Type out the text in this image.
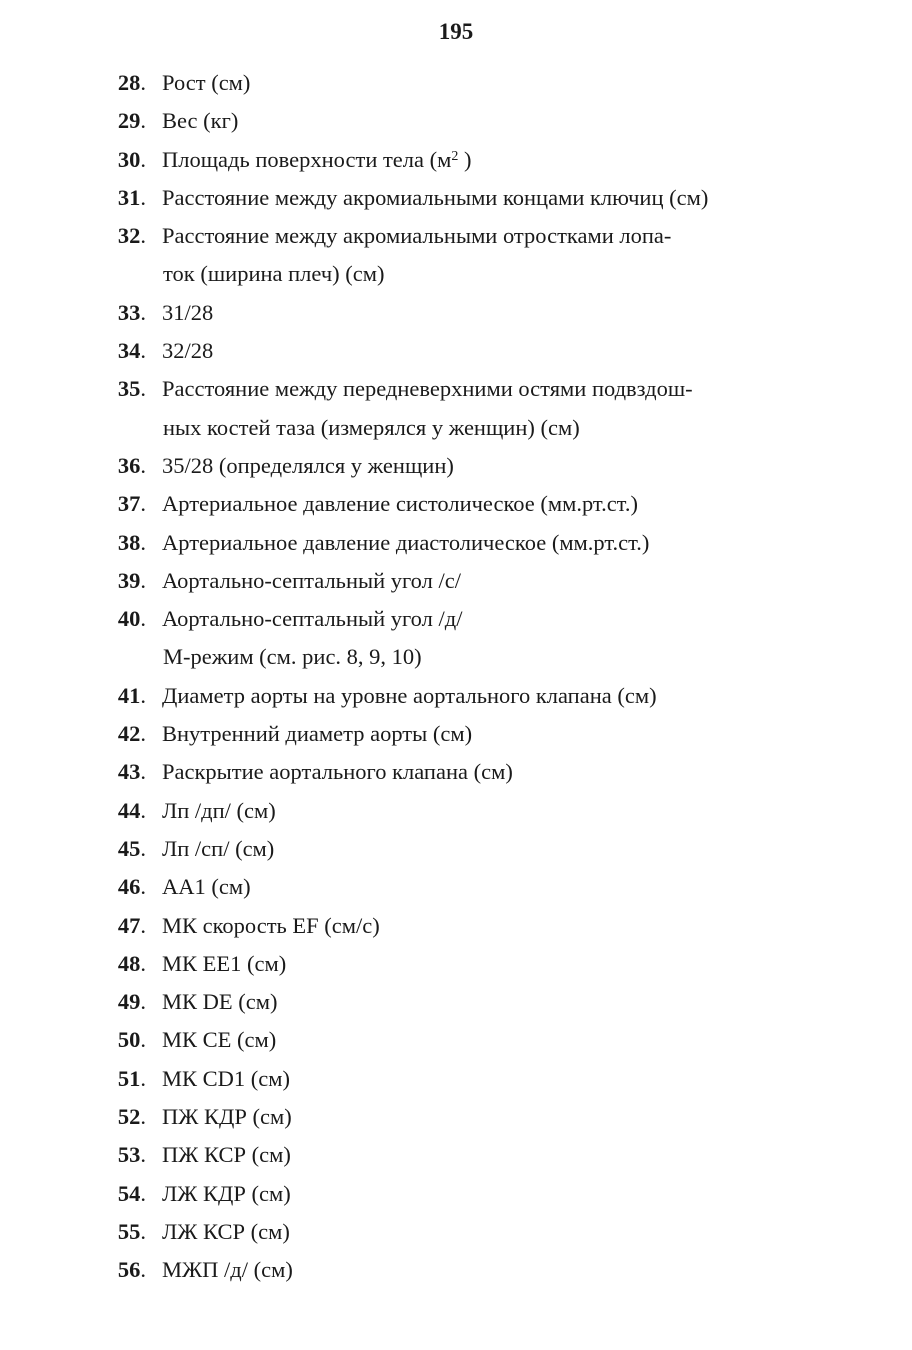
195
28. Рост (см)
29. Вес (кг)
30. Площадь поверхности тела ($м^2$ )
31. Расстояние между акромиальными концами ключиц (см)
32. Расстояние между акромиальными отростками лопа-
ток (ширина плеч) (см)
33. 31/28
34. 32/28
35. Расстояние между передневерхними остями подвздош-
ных костей таза (измерялся у женщин) (см)
36. 35/28 (определялся у женщин)
37. Артериальное давление систолическое (мм.рт.ст.)
38. Артериальное давление диастолическое (мм.рт.ст.)
39. Аортально-септальный угол /с/
40. Аортально-септальный угол /д/
М-режим (см. рис. 8, 9, 10)
41. Диаметр аорты на уровне аортального клапана (см)
42. Внутренний диаметр аорты (см)
43. Раскрытие аортального клапана (см)
44. Лп /дп/ (см)
45. Лп /сп/ (см)
46. АА1 (см)
47. МК скорость EF (см/с)
48. МК ЕЕ1 (см)
49. МК DE (см)
50. МК СЕ (см)
51. МК CD1 (см)
52. ПЖ КДР (см)
53. ПЖ КСР (см)
54. ЛЖ КДР (см)
55. ЛЖ КСР (см)
56. МЖП /д/ (см)
